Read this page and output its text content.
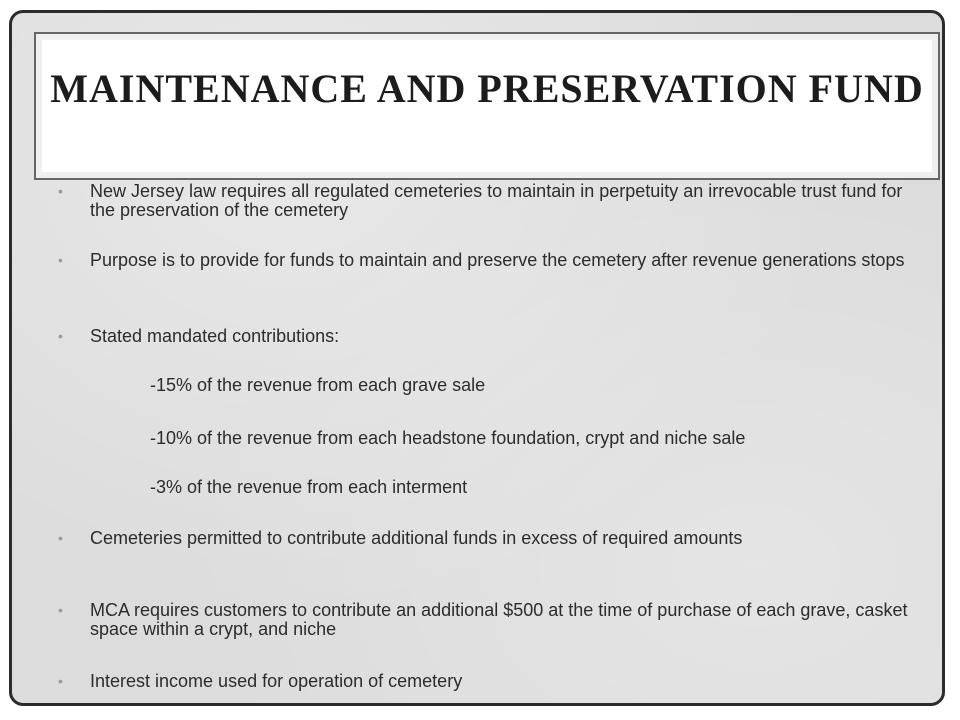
MAINTENANCE AND PRESERVATION FUND
•	New Jersey law requires all regulated cemeteries to maintain in perpetuity an irrevocable trust fund for the preservation of the cemetery
•	Purpose is to provide for funds to maintain and preserve the cemetery after revenue generations stops
•	Stated mandated contributions:
-15% of the revenue from each grave sale
-10% of the revenue from each headstone foundation, crypt and niche sale
-3% of the revenue from each interment
•	Cemeteries permitted to contribute additional funds in excess of required amounts
•	MCA requires customers to contribute an additional $500 at the time of purchase of each grave, casket space within a crypt, and niche
•	Interest income used for operation of cemetery
